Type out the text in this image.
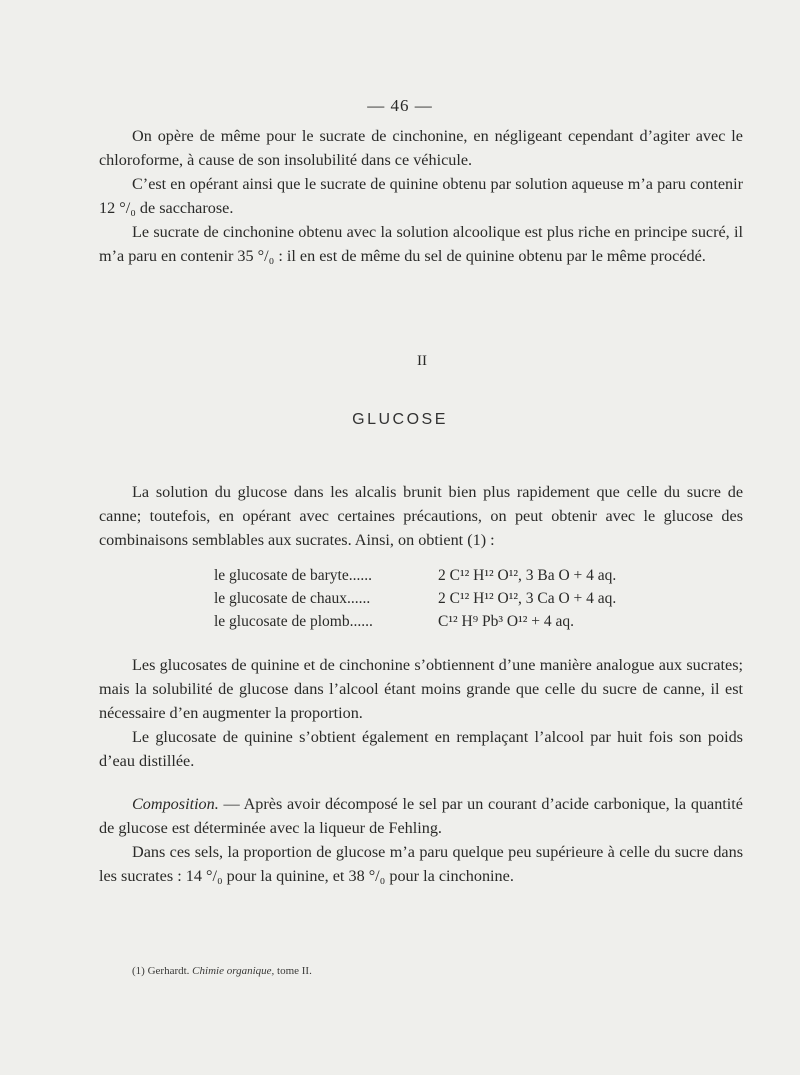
— 46 —

On opère de même pour le sucrate de cinchonine, en négligeant cependant d’agiter avec le chloroforme, à cause de son insolubilité dans ce véhicule.

C’est en opérant ainsi que le sucrate de quinine obtenu par solution aqueuse m’a paru contenir 12 °/₀ de saccharose.

Le sucrate de cinchonine obtenu avec la solution alcoolique est plus riche en principe sucré, il m’a paru en contenir 35 °/₀ : il en est de même du sel de quinine obtenu par le même procédé.

II
GLUCOSE

La solution du glucose dans les alcalis brunit bien plus rapidement que celle du sucre de canne; toutefois, en opérant avec certaines précautions, on peut obtenir avec le glucose des combinaisons semblables aux sucrates. Ainsi, on obtient (1) :

le glucosate de baryte......	2 C¹² H¹² O¹², 3 Ba O + 4 aq.
le glucosate de chaux......	2 C¹² H¹² O¹², 3 Ca O + 4 aq.
le glucosate de plomb......	C¹² H⁹ Pb³ O¹² + 4 aq.

Les glucosates de quinine et de cinchonine s’obtiennent d’une manière analogue aux sucrates; mais la solubilité de glucose dans l’alcool étant moins grande que celle du sucre de canne, il est nécessaire d’en augmenter la proportion.

Le glucosate de quinine s’obtient également en remplaçant l’alcool par huit fois son poids d’eau distillée.

Composition. — Après avoir décomposé le sel par un courant d’acide carbonique, la quantité de glucose est déterminée avec la liqueur de Fehling.

Dans ces sels, la proportion de glucose m’a paru quelque peu supérieure à celle du sucre dans les sucrates : 14 °/₀ pour la quinine, et 38 °/₀ pour la cinchonine.

(1) Gerhardt. Chimie organique, tome II.
